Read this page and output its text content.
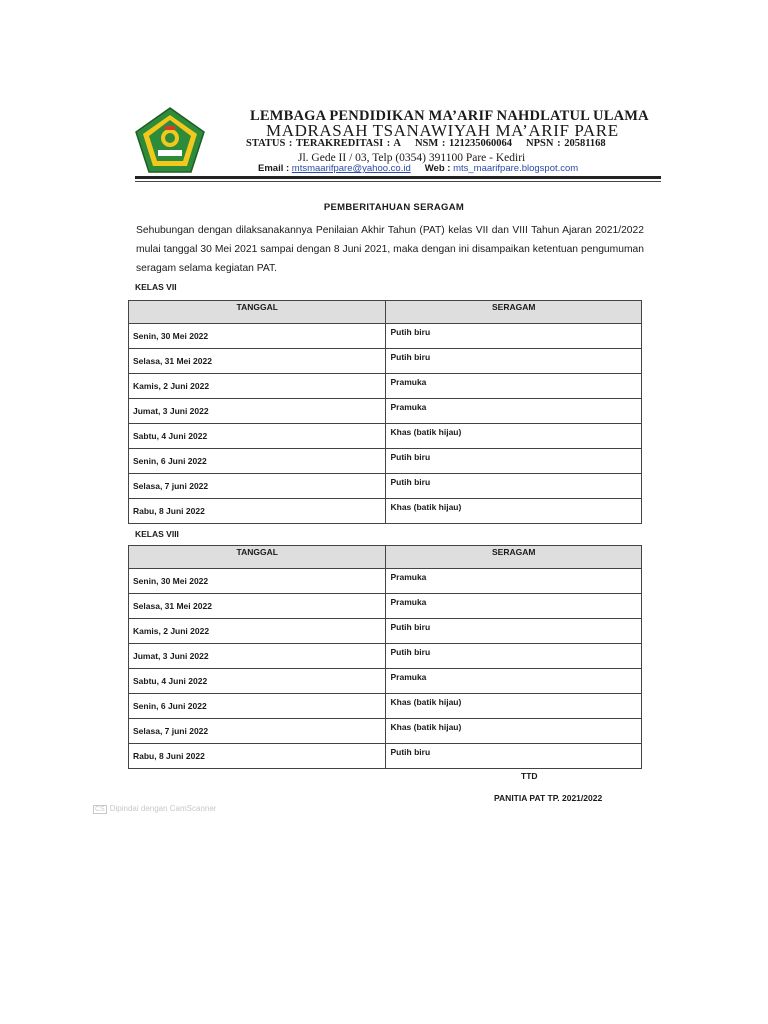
LEMBAGA PENDIDIKAN MA’ARIF NAHDLATUL ULAMA
MADRASAH TSANAWIYAH MA’ARIF PARE
STATUS : TERAKREDITASI : A NSM : 121235060064 NPSN : 20581168
Jl. Gede II / 03, Telp (0354) 391100 Pare - Kediri
Email : mtsmaarifpare@yahoo.co.id Web : mts_maarifpare.blogspot.com
PEMBERITAHUAN SERAGAM
Sehubungan dengan dilaksanakannya Penilaian Akhir Tahun (PAT) kelas VII dan VIII Tahun Ajaran 2021/2022 mulai tanggal 30 Mei 2021 sampai dengan 8 Juni 2021, maka dengan ini disampaikan ketentuan pengumuman seragam selama kegiatan PAT.
KELAS VII
TANGGAL	SERAGAM
Senin, 30 Mei 2022	Putih biru
Selasa, 31 Mei 2022	Putih biru
Kamis, 2 Juni 2022	Pramuka
Jumat, 3 Juni 2022	Pramuka
Sabtu, 4 Juni 2022	Khas (batik hijau)
Senin, 6 Juni 2022	Putih biru
Selasa, 7 juni 2022	Putih biru
Rabu, 8 Juni 2022	Khas (batik hijau)
KELAS VIII
TANGGAL	SERAGAM
Senin, 30 Mei 2022	Pramuka
Selasa, 31 Mei 2022	Pramuka
Kamis, 2 Juni 2022	Putih biru
Jumat, 3 Juni 2022	Putih biru
Sabtu, 4 Juni 2022	Pramuka
Senin, 6 Juni 2022	Khas (batik hijau)
Selasa, 7 juni 2022	Khas (batik hijau)
Rabu, 8 Juni 2022	Putih biru
TTD
PANITIA PAT TP. 2021/2022
CS Dipindai dengan CamScanner
